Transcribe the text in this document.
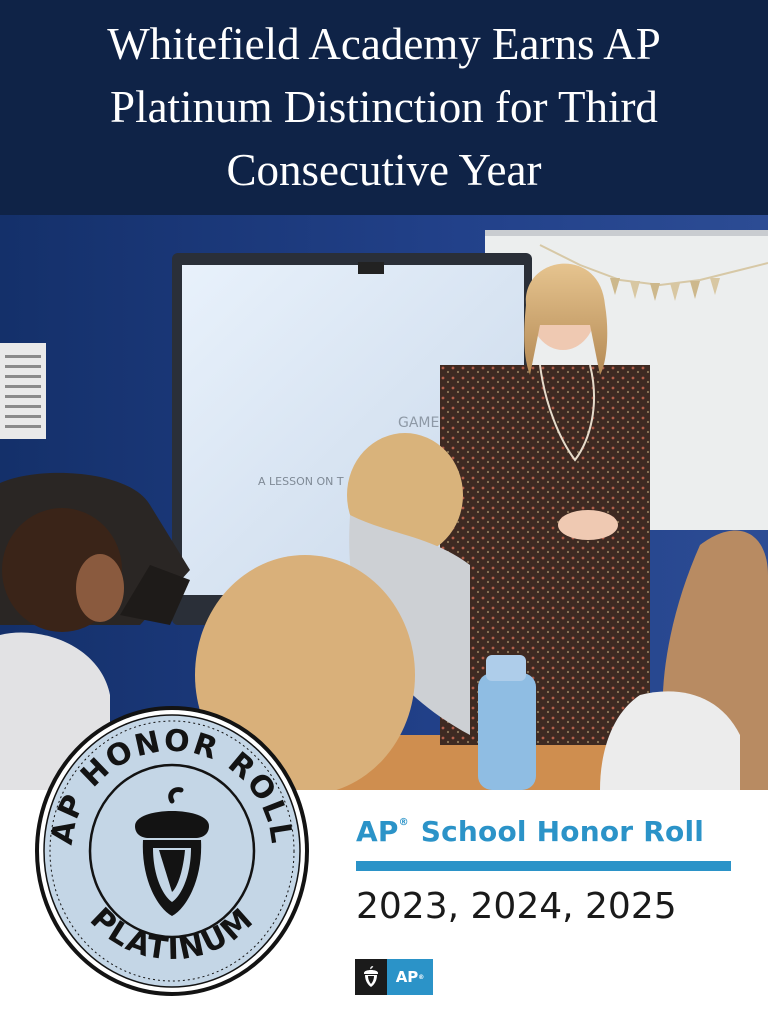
Whitefield Academy Earns AP Platinum Distinction for Third Consecutive Year
A LESSON ON T
GAME
AP HONOR ROLL
PLATINUM
AP® School Honor Roll

2023, 2024, 2025

AP ®
